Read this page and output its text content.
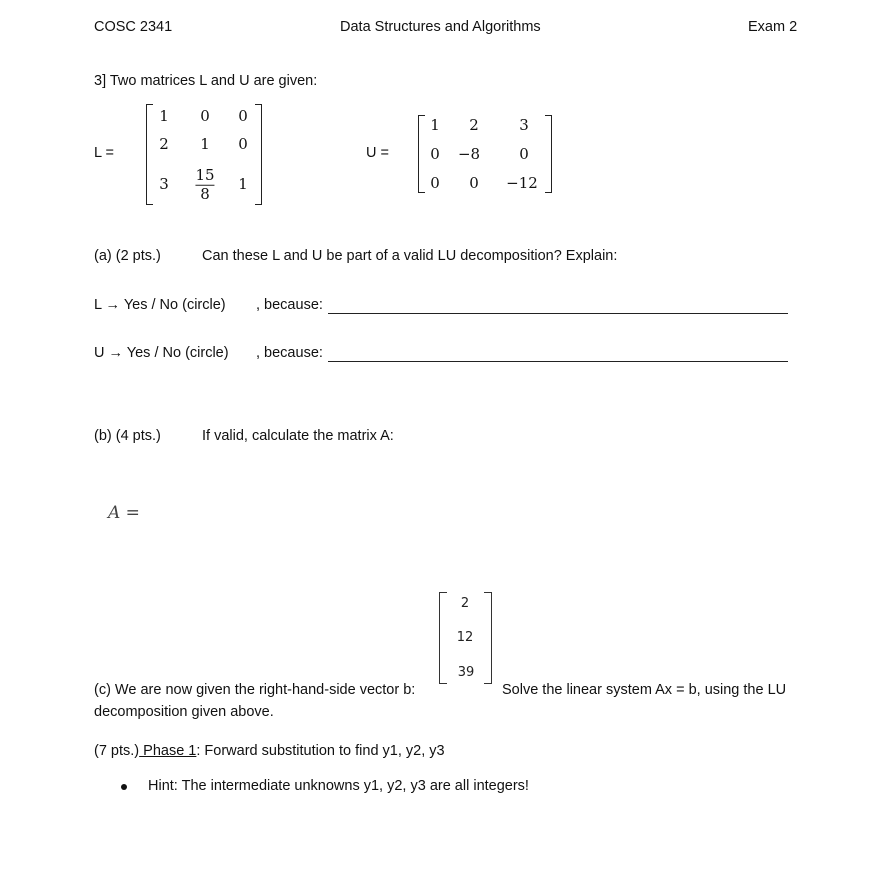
COSC 2341	Data Structures and Algorithms	Exam 2
3] Two matrices L and U are given:
L =
1 0 0
2 1 0
$3 \frac{15}{8} 1$
U =
1 2	3
0 −8	0
0 0 −12
(a) (2 pts.)	Can these L and U be part of a valid LU decomposition? Explain:
L → Yes / No (circle) , because:
U → Yes / No (circle) , because:
(b) (4 pts.)	If valid, calculate the matrix A:
A =
2
12
39
(c) We are now given the right-hand-side vector b:	Solve the linear system Ax = b, using the LU
decomposition given above.
(7 pts.) Phase 1: Forward substitution to find y1, y2, y3
Hint: The intermediate unknowns y1, y2, y3 are all integers!
